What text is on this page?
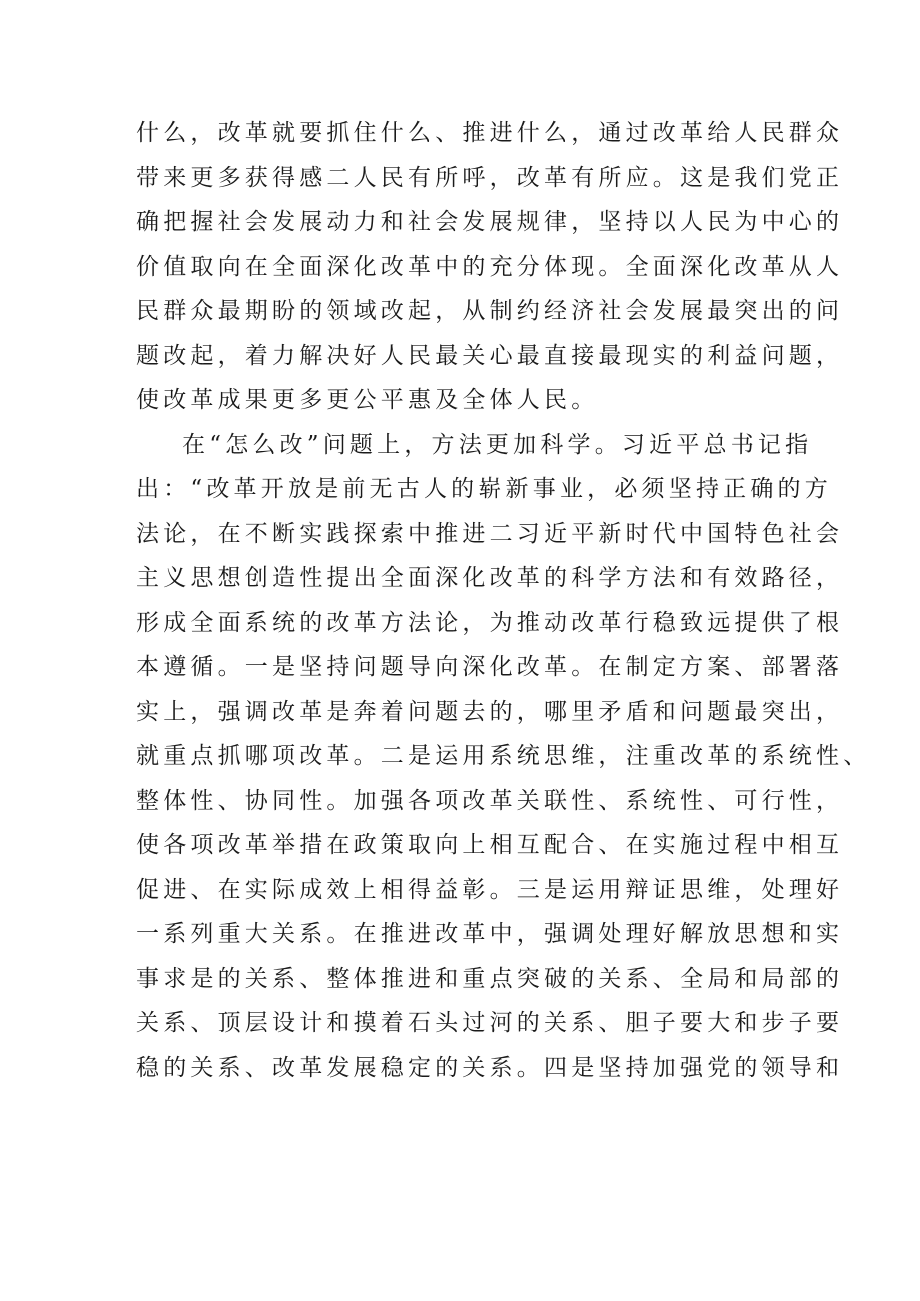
什么，改革就要抓住什么、推进什么，通过改革给人民群众
带来更多获得感二人民有所呼，改革有所应。这是我们党正
确把握社会发展动力和社会发展规律，坚持以人民为中心的
价值取向在全面深化改革中的充分体现。全面深化改革从人
民群众最期盼的领域改起，从制约经济社会发展最突出的问
题改起，着力解决好人民最关心最直接最现实的利益问题，
使改革成果更多更公平惠及全体人民。
在“怎么改”问题上，方法更加科学。习近平总书记指
出：“改革开放是前无古人的崭新事业，必须坚持正确的方
法论，在不断实践探索中推进二习近平新时代中国特色社会
主义思想创造性提出全面深化改革的科学方法和有效路径，
形成全面系统的改革方法论，为推动改革行稳致远提供了根
本遵循。一是坚持问题导向深化改革。在制定方案、部署落
实上，强调改革是奔着问题去的，哪里矛盾和问题最突出，
就重点抓哪项改革。二是运用系统思维，注重改革的系统性、
整体性、协同性。加强各项改革关联性、系统性、可行性，
使各项改革举措在政策取向上相互配合、在实施过程中相互
促进、在实际成效上相得益彰。三是运用辩证思维，处理好
一系列重大关系。在推进改革中，强调处理好解放思想和实
事求是的关系、整体推进和重点突破的关系、全局和局部的
关系、顶层设计和摸着石头过河的关系、胆子要大和步子要
稳的关系、改革发展稳定的关系。四是坚持加强党的领导和
